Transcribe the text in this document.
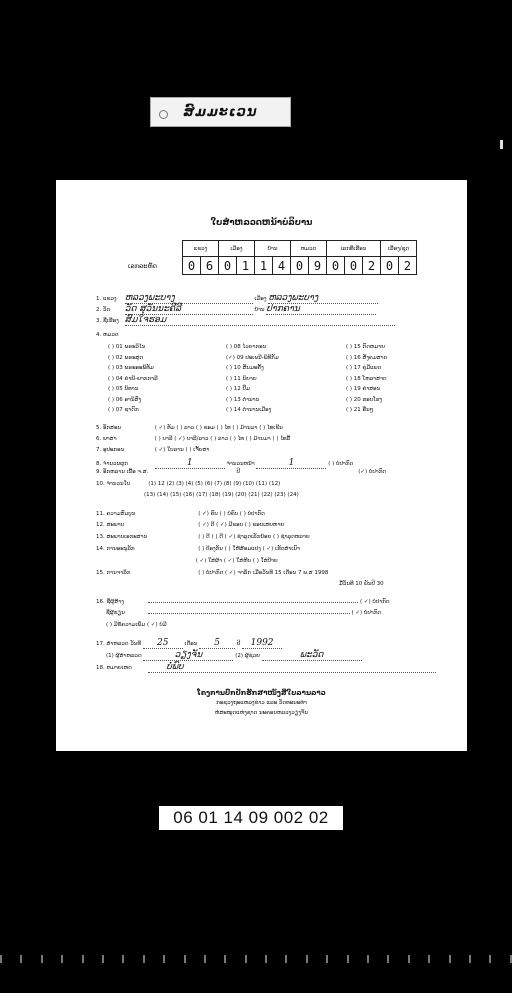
ສົມມະເວນ
ໃບສຳຫລວດຫນ້າບໍລິບານ
ເລກລະຫັດ
ແຂວງ		ເມືອງ		ບ້ານ		ຫມວດ		ເລກທີ່ເຮືອນ			ເລື່ອງ/ຊຸດ	
0	6	0	1	1	4	0	9	0	0	2	0	2
1. ແຂວງ ຫລວງພະບາງ	ເມືອງ ຫລວງພະບາງ
2. ວັດ ວັດ ສຸວັນນະຄີລີ	ບ້ານ ປາກຄານ
3. ຊື່ເຮືອງ ສົມໃຈຮອມ
4. ຫມວດ
( ) 01 ພຣະວິໄນ	( ) 08 ໄວຍາກອນ	( ) 15 ກົດຫມາຍ
( ) 02 ພຣະສູດ	(✓) 09 ປະເພນີ-ພິທີກັມ	( ) 16 ສັງຄມສາດ
( ) 03 ພຣະອະພິທັມ	( ) 10 ສັນມະຄັ້ງ	( ) 17 ຄູ່ມືແພດ
( ) 04 ຄຳພີ-ພາກກາລີ	( ) 11 ນິຍາຍ	( ) 18 ໂຫລາສາດ
( ) 05 ນິທານ	( ) 12 ປື້ມ	( ) 19 ຄຳສອນ
( ) 06 ອານິສົງ	( ) 13 ຕຳນານ	( ) 20 ຮອບໂຮງ
( ) 07 ຊາດົກ	( ) 14 ຕຳນານເມືອງ	( ) 21 ອື່ນໆ
5. ອັກສອນ	( ✓) ທັມ ( ) ລາວ ( ) ຂອມ ( ) ໄທ ( ) ມ້ານມາ ( ) ໄທເຂີນ
6. ພາສາ	( ) ບາລີ ( ✓) ບາລີ/ລາວ ( ) ລາວ ( ) ໄທ ( ) ມ້ານມາ ( ) ໄທລື້
7. ອຸປະກອນ	( ✓) ໃບລານ ( ) ເຈັ້ຍສາ
8. ຈຳນວນຜູກ	1	ຈຳນວນຫນ້າ	1	( ) ບໍ່ປາກົດ
9. ອັກຫລານ ເນື້ອ ຈ.ສ.	ປີ	(✓) ບໍ່ປາກົດ
10. ຈຳນວນໃບ	(1) 12 (2) (3) (4) (5) (6) (7) (8) (9) (10) (11) (12)
(13) (14) (15) (16) (17) (18) (19) (20) (21) (22) (23) (24)
11. ຄວາມສົມບູນ	( ✓) ຄົບ ( ) ບໍ່ຄົບ ( ) ບໍ່ປາກົດ
12. ສະພາບ	( ✓) ດີ ( ✓) ມີຂອບ ( ) ຂອບເສຍຫາຍ
13. ສະພາບເອກະສານ	( ) ດີ ( ) ດີ ( ✓) ຊຳລຸດເລັກນ້ອຍ ( ) ຊຳລຸດຫລາຍ
14. ການອະນຸລັກ	( ) ປ້ອງກັນ ( ) ໃຫ້ສ້ອມແປງ ( ✓) ເຮັດສຳເນົາ
( ✓) ໃສ່ຜ້າ ( ✓) ໃສ່ຫີບ ( ) ໃສ່ປ້າຍ
15. ການຈາລຶກ	( ) ບໍ່ປາກົດ ( ✓) ຈາລຶກ ເມື່ອວັນທີ 15 ເດືອນ 7 ພ.ສ 1998
ມື້ວັນທີ 10 ພັນປີ 30
16. ຊື່ຜູ້ສ້າງ	( ✓) ບໍ່ປາກົດ
ຊື່ຜູ້ຂຽນ	( ✓) ບໍ່ປາກົດ
( ) ມີຂໍ້ຄວາມເພີ່ມ ( ✓) ບໍ່ມີ
17. ສຳຫລວດ ວັນທີ 25	ເດືອນ 5	ປີ 1992
(1) ຜູ້ສຳຫລວດ	ວຽງຈັນ	(2) ຜູ້ຊ່ວຍ	ພະວັດ
18. ຫມາຍເຫດ	ບໍ່ພົບ
ໂຄງການປົກປັກຮັກສາໜັງສືໃບລານລາວ
ກະຊວງຖະແຫລງຂ່າວ ແລະ ວັດທະນະທຳ
ຫໍສະໝຸດແຫ່ງຊາດ ນະຄອນຫລວງວຽງຈັນ
06 01 14 09 002 02
